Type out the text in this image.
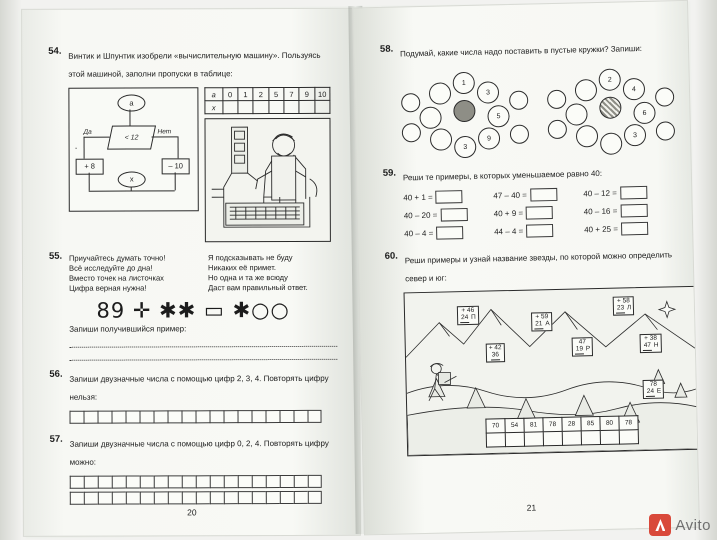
54. Винтик и Шпунтик изобрели «вычислительную машину». Пользуясь этой машиной, заполни пропуски в таблице:
a
< 12
Да	Нет
+ 8	– 10
x
a	0	1	2	5	7	9	10
x							
55. Приучайтесь думать точно!
Всё исследуйте до дна!
Вместо точек на листочках
Цифра верная нужна!
Я подсказывать не буду
Никаких её примет.
Но одна и та же всюду
Даст вам правильный ответ.
89 ✛ ✱✱ ▭ ✱○○
Запиши получившийся пример:
56. Запиши двузначные числа с помощью цифр 2, 3, 4. Повторять цифру нельзя:
57. Запиши двузначные числа с помощью цифр 0, 2, 4. Повторять цифру можно:
20
58. Подумай, какие числа надо поставить в пустые кружки? Запиши:
1
3
5
9
3
2
4
6
3
59. Реши те примеры, в которых уменьшаемое равно 40:
40 + 1 =	47 – 40 =	40 – 12 =
40 – 20 =	40 + 9 =	40 – 16 =
40 – 4 =	44 – 4 =	40 + 25 =
60. Реши примеры и узнай название звезды, по которой можно определить север и юг:
+ 46
24 П	+ 59
21 А
+ 58
23 Л
+ 42
36
47
19 Р
+ 38
47 Н
78
24 Е
70	54	81	78	28	85	80	78

21
Avito
